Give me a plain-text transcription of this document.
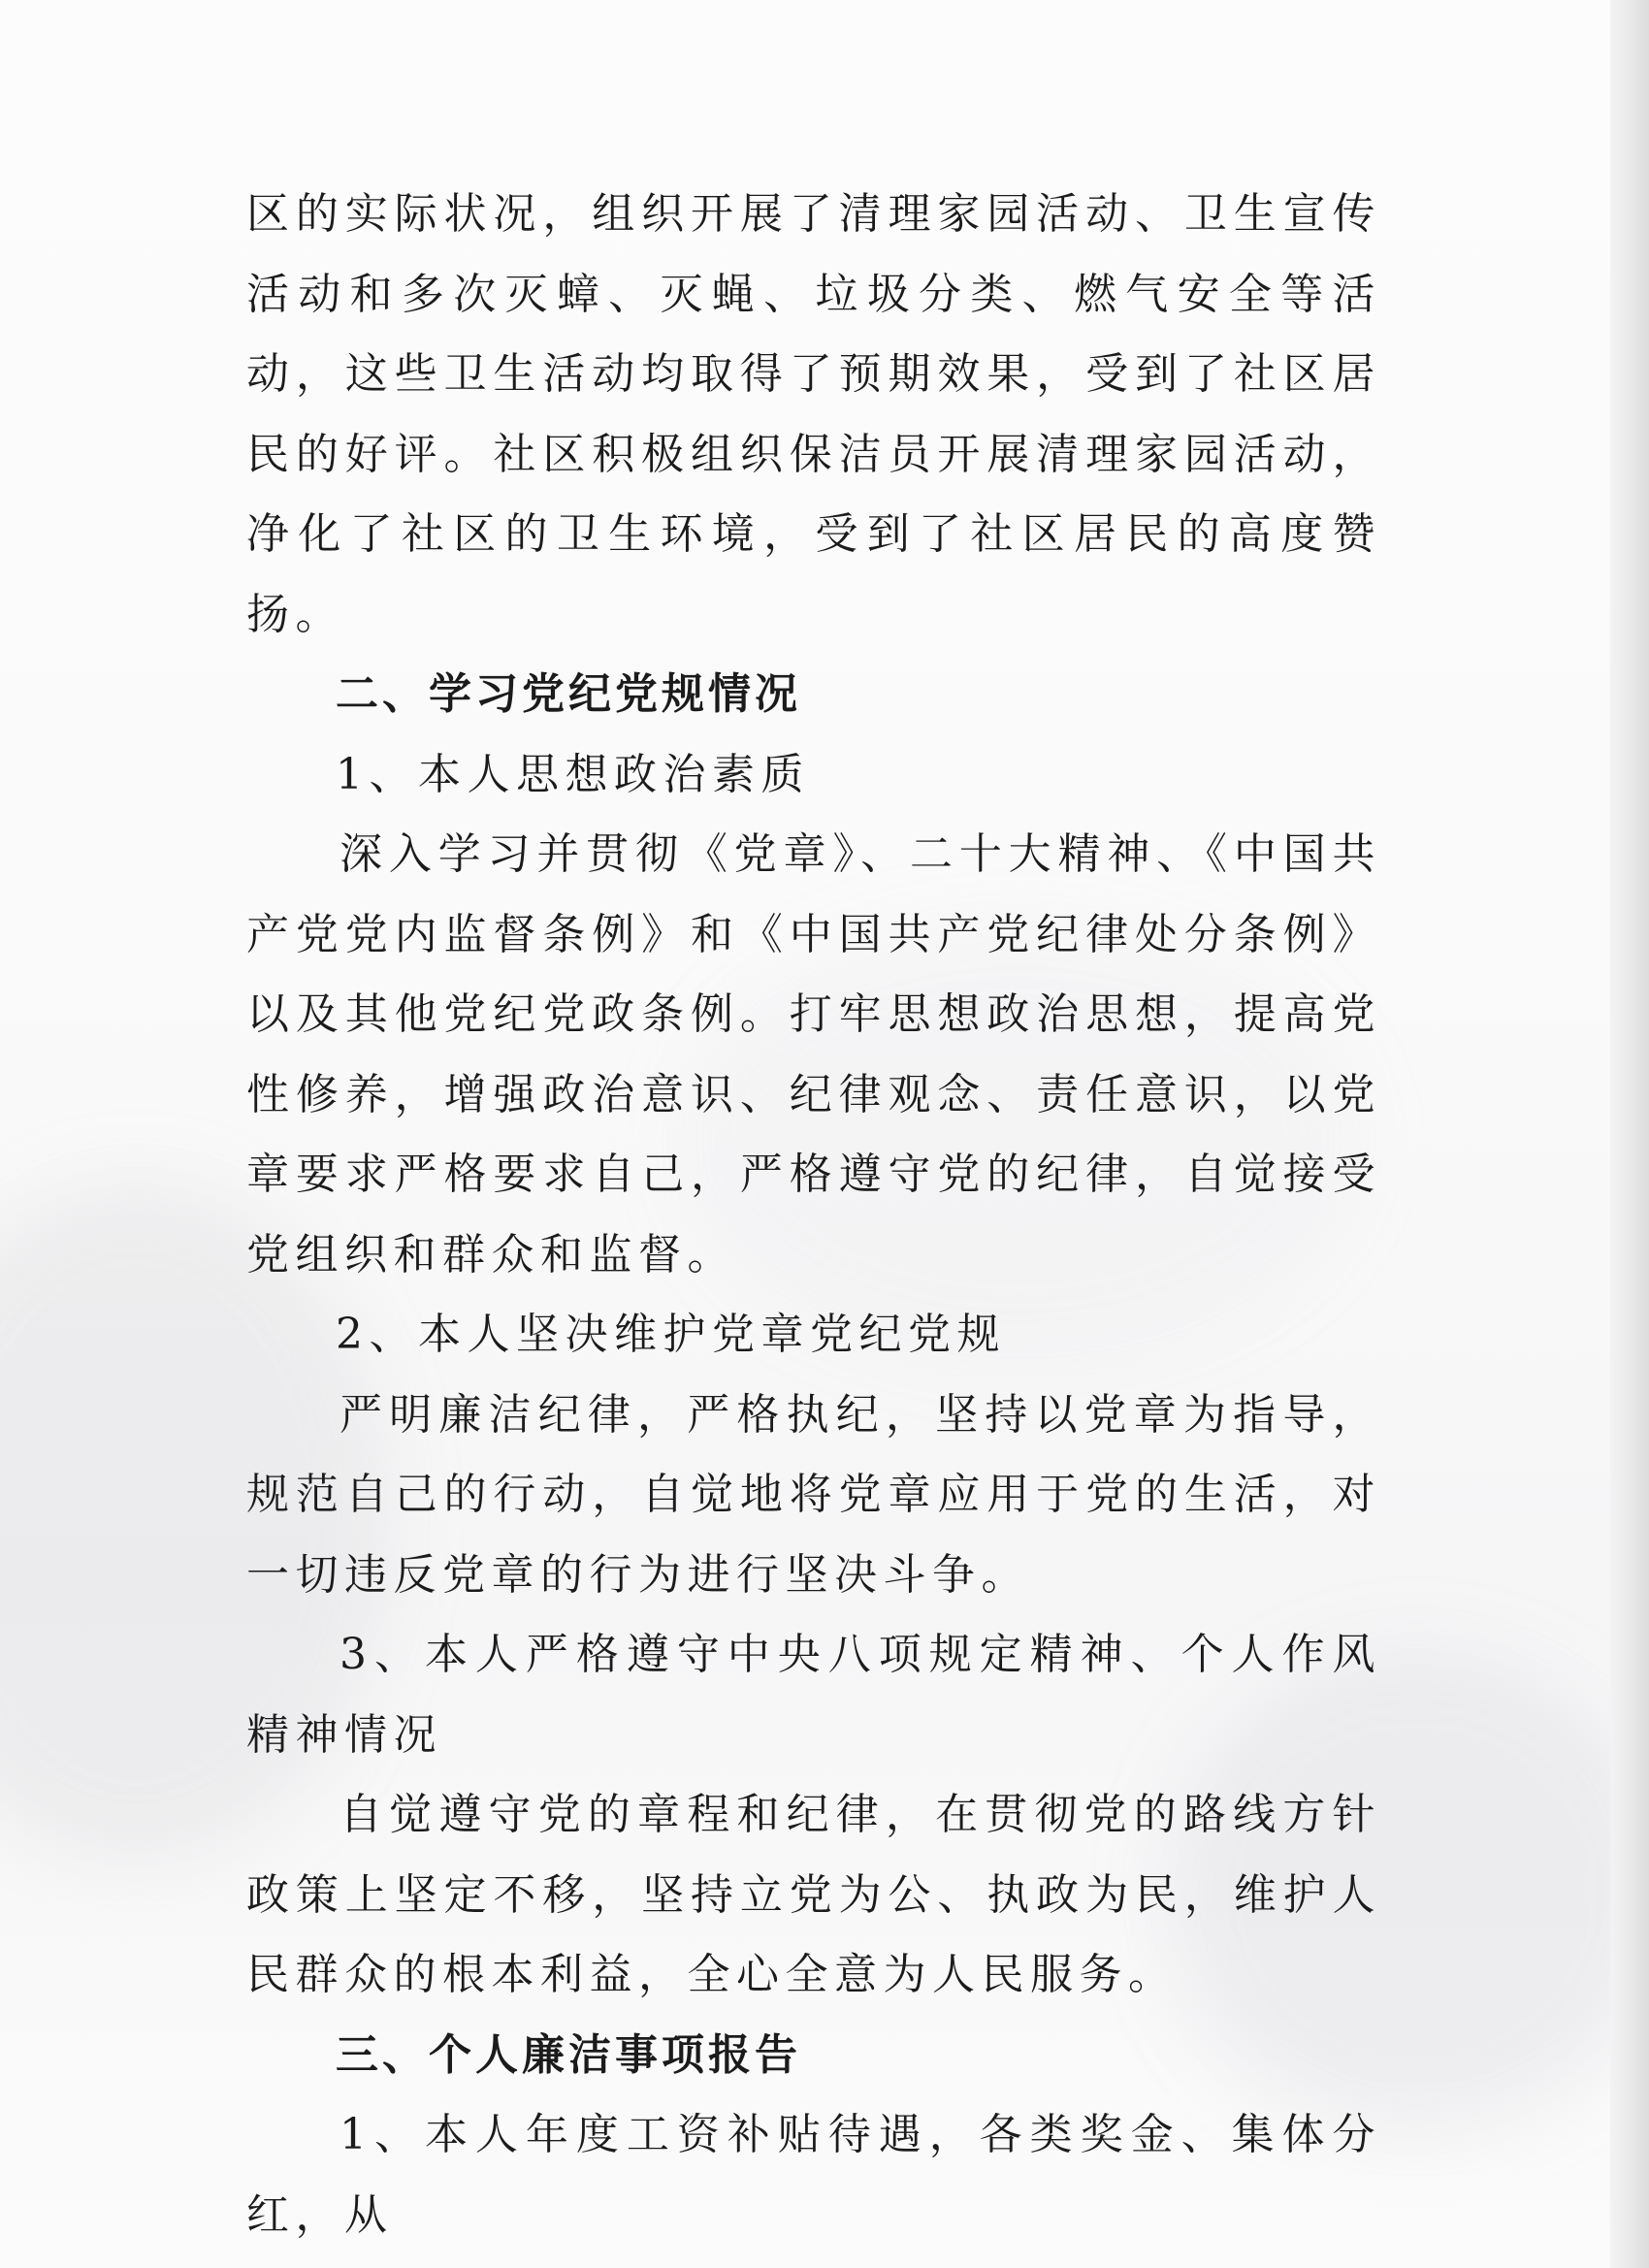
区的实际状况，组织开展了清理家园活动、卫生宣传活动和多次灭蟑、灭蝇、垃圾分类、燃气安全等活动，这些卫生活动均取得了预期效果，受到了社区居民的好评。社区积极组织保洁员开展清理家园活动，净化了社区的卫生环境，受到了社区居民的高度赞扬。

二、学习党纪党规情况

1、本人思想政治素质

深入学习并贯彻《党章》、二十大精神、《中国共产党党内监督条例》和《中国共产党纪律处分条例》以及其他党纪党政条例。打牢思想政治思想，提高党性修养，增强政治意识、纪律观念、责任意识，以党章要求严格要求自己，严格遵守党的纪律，自觉接受党组织和群众和监督。

2、本人坚决维护党章党纪党规

严明廉洁纪律，严格执纪，坚持以党章为指导，规范自己的行动，自觉地将党章应用于党的生活，对一切违反党章的行为进行坚决斗争。

3、本人严格遵守中央八项规定精神、个人作风精神情况

自觉遵守党的章程和纪律，在贯彻党的路线方针政策上坚定不移，坚持立党为公、执政为民，维护人民群众的根本利益，全心全意为人民服务。

三、个人廉洁事项报告

1、本人年度工资补贴待遇，各类奖金、集体分红，从
